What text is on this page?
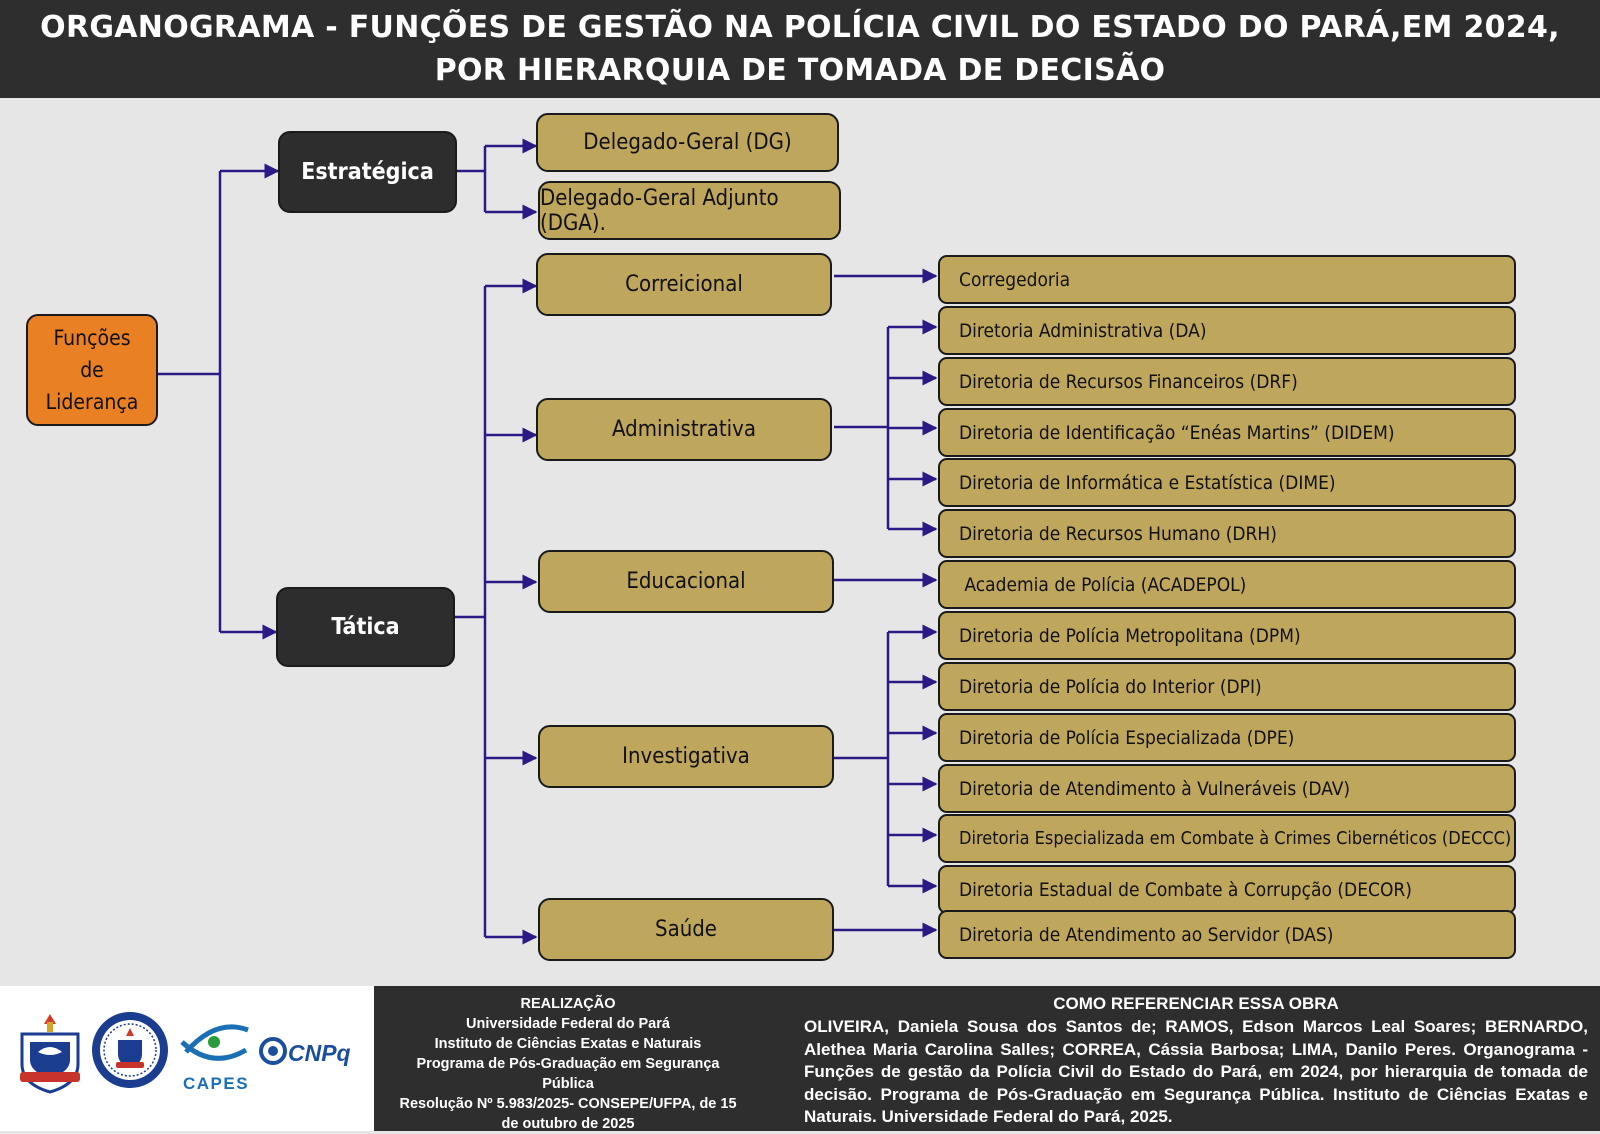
ORGANOGRAMA - FUNÇÕES DE GESTÃO NA POLÍCIA CIVIL DO ESTADO DO PARÁ,EM 2024, POR HIERARQUIA DE TOMADA DE DECISÃO
Funções de Liderança
Estratégica
Tática
Delegado-Geral (DG)
Delegado-Geral Adjunto (DGA).
Correicional
Administrativa
Educacional
Investigativa
Saúde
Corregedoria
Diretoria Administrativa (DA)
Diretoria de Recursos Financeiros (DRF)
Diretoria de Identificação “Enéas Martins” (DIDEM)
Diretoria de Informática e Estatística (DIME)
Diretoria de Recursos Humano (DRH)
Academia de Polícia (ACADEPOL)
Diretoria de Polícia Metropolitana (DPM)
Diretoria de Polícia do Interior (DPI)
Diretoria de Polícia Especializada (DPE)
Diretoria de Atendimento à Vulneráveis (DAV)
Diretoria Especializada em Combate à Crimes Cibernéticos (DECCC)
Diretoria Estadual de Combate à Corrupção (DECOR)
Diretoria de Atendimento ao Servidor (DAS)
CAPES
CNPq
REALIZAÇÃO
Universidade Federal do Pará
Instituto de Ciências Exatas e Naturais
Programa de Pós-Graduação em Segurança Pública
Resolução Nº 5.983/2025- CONSEPE/UFPA, de 15 de outubro de 2025
COMO REFERENCIAR ESSA OBRA
OLIVEIRA, Daniela Sousa dos Santos de; RAMOS, Edson Marcos Leal Soares; BERNARDO, Alethea Maria Carolina Salles; CORREA, Cássia Barbosa; LIMA, Danilo Peres. Organograma - Funções de gestão da Polícia Civil do Estado do Pará, em 2024, por hierarquia de tomada de decisão. Programa de Pós-Graduação em Segurança Pública. Instituto de Ciências Exatas e Naturais. Universidade Federal do Pará, 2025.
